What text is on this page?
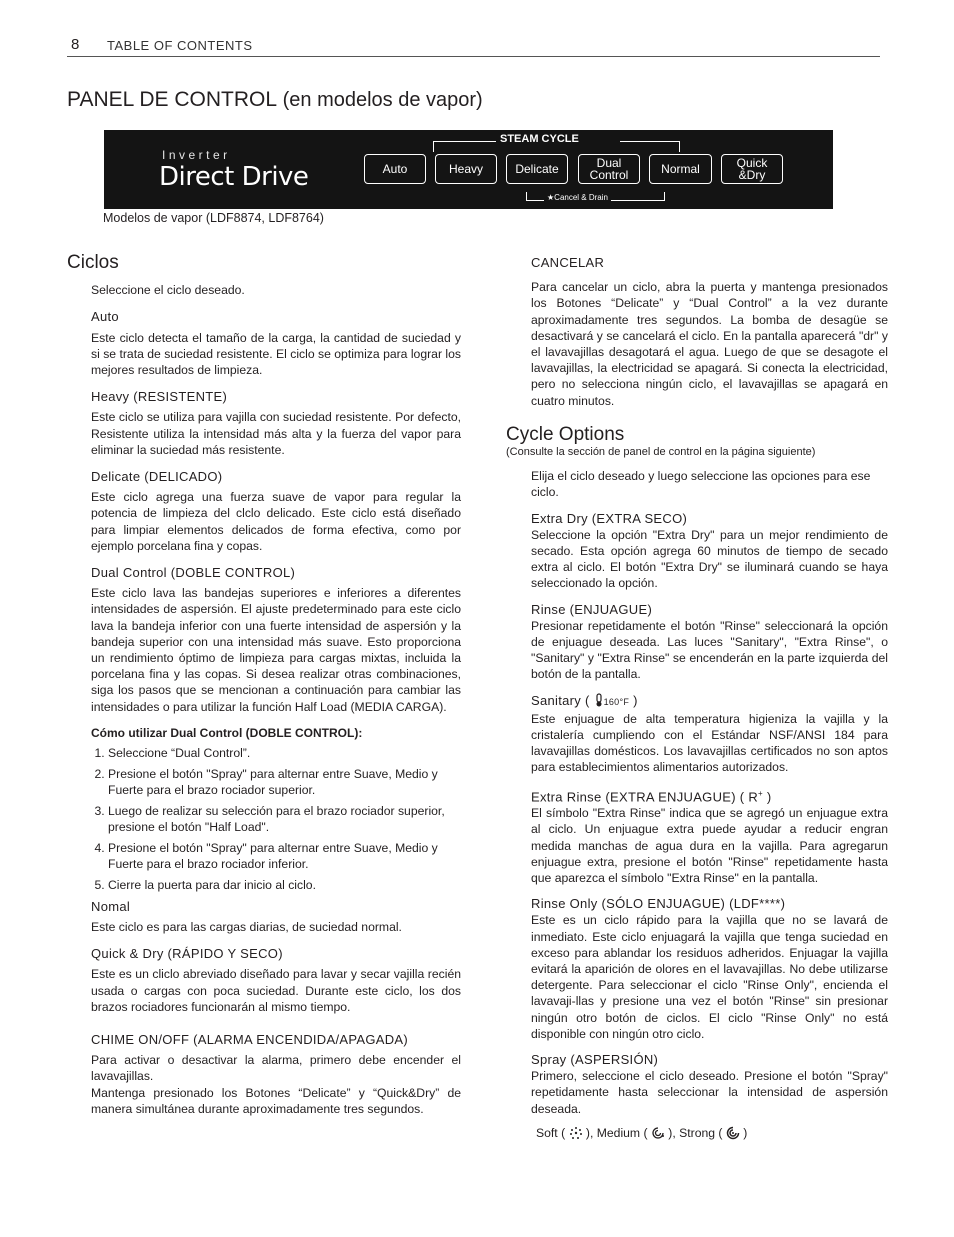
8 TABLE OF CONTENTS
PANEL DE CONTROL (en modelos de vapor)
Inverter
Direct Drive
STEAM CYCLE
Auto	Heavy	Delicate	Dual
Control	Normal	Quick
&Dry
★Cancel & Drain
Modelos de vapor (LDF8874, LDF8764)
Ciclos

Seleccione el ciclo deseado.

Auto

Este ciclo detecta el tamaño de la carga, la cantidad de suciedad y si se trata de suciedad resistente. El ciclo se optimiza para lograr los mejores resultados de limpieza.

Heavy (RESISTENTE)

Este ciclo se utiliza para vajilla con suciedad resistente. Por defecto, Resistente utiliza la intensidad más alta y la fuerza del vapor para eliminar la suciedad más resistente.

Delicate (DELICADO)

Este ciclo agrega una fuerza suave de vapor para regular la potencia de limpieza del clclo delicado. Este ciclo está diseñado para limpiar elementos delicados de forma efectiva, como por ejemplo porcelana fina y copas.

Dual Control (DOBLE CONTROL)

Este ciclo lava las bandejas superiores e inferiores a diferentes intensidades de aspersión. El ajuste predeterminado para este ciclo lava la bandeja inferior con una fuerte intensidad de aspersión y la bandeja superior con una intensidad más suave. Esto proporciona un rendimiento óptimo de limpieza para cargas mixtas, incluida la porcelana fina y las copas. Si desea realizar otras combinaciones, siga los pasos que se mencionan a continuación para cambiar las intensidades o para utilizar la función Half Load (MEDIA CARGA).

Cómo utilizar Dual Control (DOBLE CONTROL):

1. Seleccione “Dual Control”.
2. Presione el botón "Spray" para alternar entre Suave, Medio y Fuerte para el brazo rociador superior.
3. Luego de realizar su selección para el brazo rociador superior, presione el botón "Half Load".
4. Presione el botón "Spray" para alternar entre Suave, Medio y Fuerte para el brazo rociador inferior.
5. Cierre la puerta para dar inicio al ciclo.

Nomal

Este ciclo es para las cargas diarias, de suciedad normal.

Quick & Dry (RÁPIDO Y SECO)

Este es un cliclo abreviado diseñado para lavar y secar vajilla recién usada o cargas con poca suciedad. Durante este ciclo, los dos brazos rociadores funcionarán al mismo tiempo.

CHIME ON/OFF (ALARMA ENCENDIDA/APAGADA)

Para activar o desactivar la alarma, primero debe encender el lavavajillas.

Mantenga presionado los Botones “Delicate” y “Quick&Dry” de manera simultánea durante aproximadamente tres segundos.

CANCELAR

Para cancelar un ciclo, abra la puerta y mantenga presionados los Botones “Delicate” y “Dual Control” a la vez durante aproximadamente tres segundos. La bomba de desagüe se desactivará y se cancelará el ciclo. En la pantalla aparecerá "dr" y el lavavajillas desagotará el agua. Luego de que se desagote el lavavajillas, la electricidad se apagará. Si conecta la electricidad, pero no selecciona ningún ciclo, el lavavajillas se apagará en cuatro minutos.

Cycle Options

(Consulte la sección de panel de control en la página siguiente)

Elija el ciclo deseado y luego seleccione las opciones para ese ciclo.

Extra Dry (EXTRA SECO)

Seleccione la opción "Extra Dry" para un mejor rendimiento de secado. Esta opción agrega 60 minutos de tiempo de secado extra al ciclo. El botón "Extra Dry" se iluminará cuando se haya seleccionado la opción.

Rinse (ENJUAGUE)

Presionar repetidamente el botón "Rinse" seleccionará la opción de enjuague deseada. Las luces "Sanitary", "Extra Rinse", o "Sanitary" y "Extra Rinse" se encenderán en la parte izquierda del botón de la pantalla.

Sanitary ( 160°F )

Este enjuague de alta temperatura higieniza la vajilla y la cristalería cumpliendo con el Estándar NSF/ANSI 184 para lavavajillas domésticos. Los lavavajillas certificados no son aptos para establecimientos alimentarios autorizados.

Extra Rinse (EXTRA ENJUAGUE) ( R+ )

El símbolo "Extra Rinse" indica que se agregó un enjuague extra al ciclo. Un enjuague extra puede ayudar a reducir engran medida manchas de agua dura en la vajilla. Para agregarun enjuague extra, presione el botón "Rinse" repetidamente hasta que aparezca el símbolo "Extra Rinse" en la pantalla.

Rinse Only (SÓLO ENJUAGUE) (LDF****)

Este es un ciclo rápido para la vajilla que no se lavará de inmediato. Este ciclo enjuagará la vajilla que tenga suciedad en exceso para ablandar los residuos adheridos. Enjuagar la vajilla evitará la aparición de olores en el lavavajillas. No debe utilizarse detergente. Para seleccionar el ciclo "Rinse Only", encienda el lavavaji-llas y presione una vez el botón "Rinse" sin presionar ningún otro botón de ciclos. El ciclo "Rinse Only" no está disponible con ningún otro ciclo.

Spray (ASPERSIÓN)

Primero, seleccione el ciclo deseado. Presione el botón "Spray" repetidamente hasta seleccionar la intensidad de aspersión deseada.

Soft (  ), Medium (  ), Strong (  )
